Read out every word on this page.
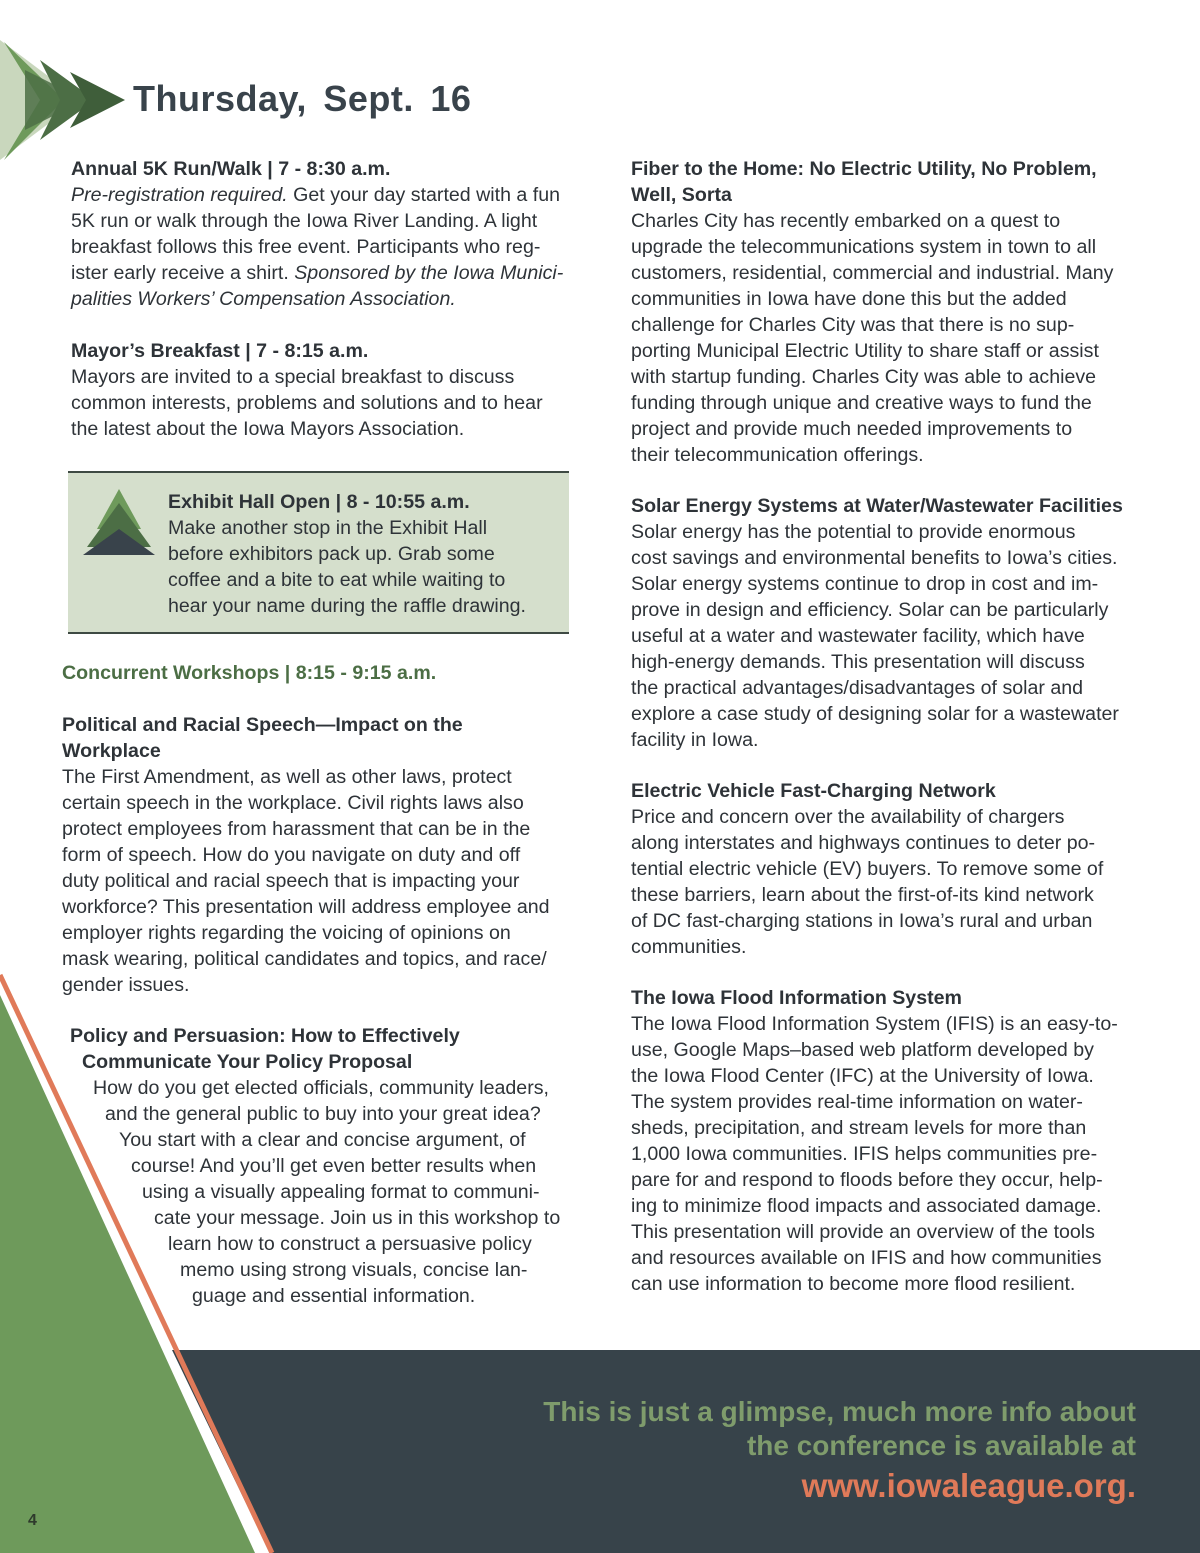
Thursday, Sept. 16
Annual 5K Run/Walk | 7 - 8:30 a.m.
Pre-registration required. Get your day started with a fun
5K run or walk through the Iowa River Landing. A light
breakfast follows this free event. Participants who reg-
ister early receive a shirt. Sponsored by the Iowa Munici-
palities Workers’ Compensation Association.
Mayor’s Breakfast | 7 - 8:15 a.m.
Mayors are invited to a special breakfast to discuss
common interests, problems and solutions and to hear
the latest about the Iowa Mayors Association.
Exhibit Hall Open | 8 - 10:55 a.m.
Make another stop in the Exhibit Hall
before exhibitors pack up. Grab some
coffee and a bite to eat while waiting to
hear your name during the raffle drawing.
Concurrent Workshops | 8:15 - 9:15 a.m.
Political and Racial Speech—Impact on the
Workplace
The First Amendment, as well as other laws, protect
certain speech in the workplace. Civil rights laws also
protect employees from harassment that can be in the
form of speech. How do you navigate on duty and off
duty political and racial speech that is impacting your
workforce? This presentation will address employee and
employer rights regarding the voicing of opinions on
mask wearing, political candidates and topics, and race/
gender issues.
Policy and Persuasion: How to Effectively
Communicate Your Policy Proposal
How do you get elected officials, community leaders,
and the general public to buy into your great idea?
You start with a clear and concise argument, of
course! And you’ll get even better results when
using a visually appealing format to communi-
cate your message. Join us in this workshop to
learn how to construct a persuasive policy
memo using strong visuals, concise lan-
guage and essential information.
Fiber to the Home: No Electric Utility, No Problem,
Well, Sorta
Charles City has recently embarked on a quest to
upgrade the telecommunications system in town to all
customers, residential, commercial and industrial. Many
communities in Iowa have done this but the added
challenge for Charles City was that there is no sup-
porting Municipal Electric Utility to share staff or assist
with startup funding. Charles City was able to achieve
funding through unique and creative ways to fund the
project and provide much needed improvements to
their telecommunication offerings.
Solar Energy Systems at Water/Wastewater Facilities
Solar energy has the potential to provide enormous
cost savings and environmental benefits to Iowa’s cities.
Solar energy systems continue to drop in cost and im-
prove in design and efficiency. Solar can be particularly
useful at a water and wastewater facility, which have
high-energy demands. This presentation will discuss
the practical advantages/disadvantages of solar and
explore a case study of designing solar for a wastewater
facility in Iowa.
Electric Vehicle Fast-Charging Network
Price and concern over the availability of chargers
along interstates and highways continues to deter po-
tential electric vehicle (EV) buyers. To remove some of
these barriers, learn about the first-of-its kind network
of DC fast-charging stations in Iowa’s rural and urban
communities.
The Iowa Flood Information System
The Iowa Flood Information System (IFIS) is an easy-to-
use, Google Maps–based web platform developed by
the Iowa Flood Center (IFC) at the University of Iowa.
The system provides real-time information on water-
sheds, precipitation, and stream levels for more than
1,000 Iowa communities. IFIS helps communities pre-
pare for and respond to floods before they occur, help-
ing to minimize flood impacts and associated damage.
This presentation will provide an overview of the tools
and resources available on IFIS and how communities
can use information to become more flood resilient.
This is just a glimpse, much more info about
the conference is available at
www.iowaleague.org.
4
